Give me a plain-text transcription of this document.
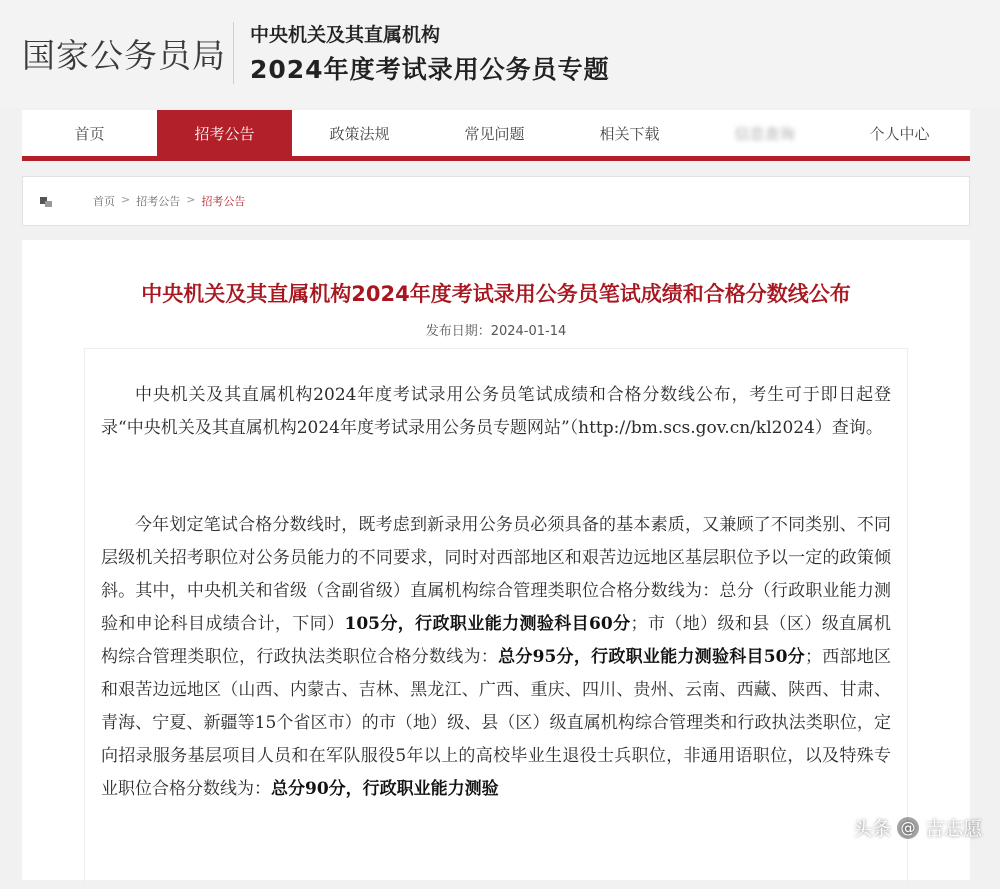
国家公务员局
中央机关及其直属机构
2024年度考试录用公务员专题
首页	招考公告	政策法规	常见问题	相关下载	信息查询	个人中心
首页 > 招考公告 > 招考公告
中央机关及其直属机构2024年度考试录用公务员笔试成绩和合格分数线公布
发布日期：2024-01-14
中央机关及其直属机构2024年度考试录用公务员笔试成绩和合格分数线公布，考生可于即日起登录“中央机关及其直属机构2024年度考试录用公务员专题网站”（http://bm.scs.gov.cn/kl2024）查询。
今年划定笔试合格分数线时，既考虑到新录用公务员必须具备的基本素质，又兼顾了不同类别、不同层级机关招考职位对公务员能力的不同要求，同时对西部地区和艰苦边远地区基层职位予以一定的政策倾斜。其中，中央机关和省级（含副省级）直属机构综合管理类职位合格分数线为：总分（行政职业能力测验和申论科目成绩合计，下同）105分，行政职业能力测验科目60分；市（地）级和县（区）级直属机构综合管理类职位，行政执法类职位合格分数线为：总分95分，行政职业能力测验科目50分；西部地区和艰苦边远地区（山西、内蒙古、吉林、黑龙江、广西、重庆、四川、贵州、云南、西藏、陕西、甘肃、青海、宁夏、新疆等15个省区市）的市（地）级、县（区）级直属机构综合管理类和行政执法类职位，定向招录服务基层项目人员和在军队服役5年以上的高校毕业生退役士兵职位，非通用语职位，以及特殊专业职位合格分数线为：总分90分，行政职业能力测验
头条 @ 吉志愿
